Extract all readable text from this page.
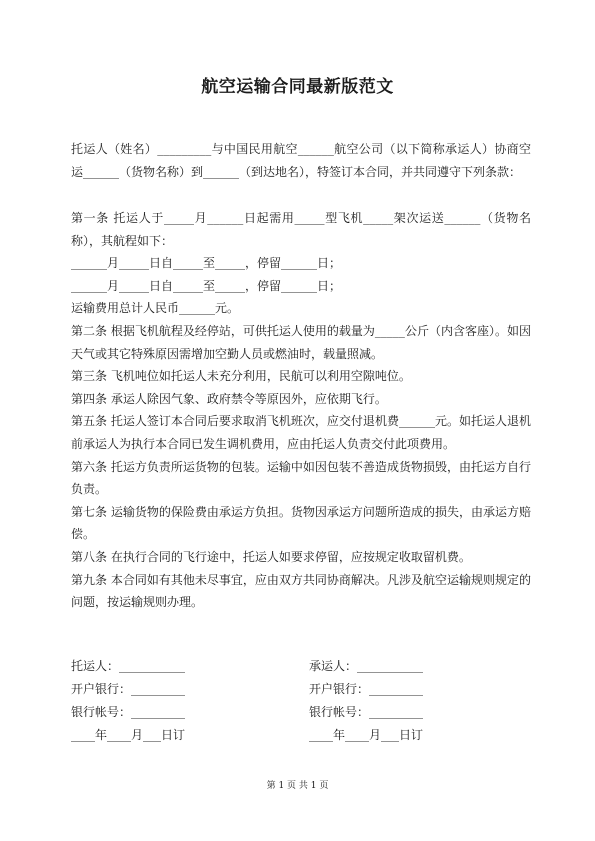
航空运输合同最新版范文

托运人（姓名）_________与中国民用航空______航空公司（以下简称承运人）协商空运______（货物名称）到______（到达地名），特签订本合同，并共同遵守下列条款：

第一条 托运人于_____月______日起需用_____型飞机_____架次运送______（货物名称），其航程如下：

______月_____日自_____至_____，停留______日；

______月_____日自_____至_____，停留______日；

运输费用总计人民币______元。

第二条 根据飞机航程及经停站，可供托运人使用的载量为_____公斤（内含客座）。如因天气或其它特殊原因需增加空勤人员或燃油时，载量照减。

第三条 飞机吨位如托运人未充分利用，民航可以利用空隙吨位。

第四条 承运人除因气象、政府禁令等原因外，应依期飞行。

第五条 托运人签订本合同后要求取消飞机班次，应交付退机费______元。如托运人退机前承运人为执行本合同已发生调机费用，应由托运人负责交付此项费用。

第六条 托运方负责所运货物的包装。运输中如因包装不善造成货物损毁，由托运方自行负责。

第七条 运输货物的保险费由承运方负担。货物因承运方问题所造成的损失，由承运方赔偿。

第八条 在执行合同的飞行途中，托运人如要求停留，应按规定收取留机费。

第九条 本合同如有其他未尽事宜，应由双方共同协商解决。凡涉及航空运输规则规定的问题，按运输规则办理。

托运人：___________	承运人：___________
开户银行：_________	开户银行：_________
银行帐号：_________	银行帐号：_________
____年____月___日订	____年____月___日订
第 1 页 共 1 页
